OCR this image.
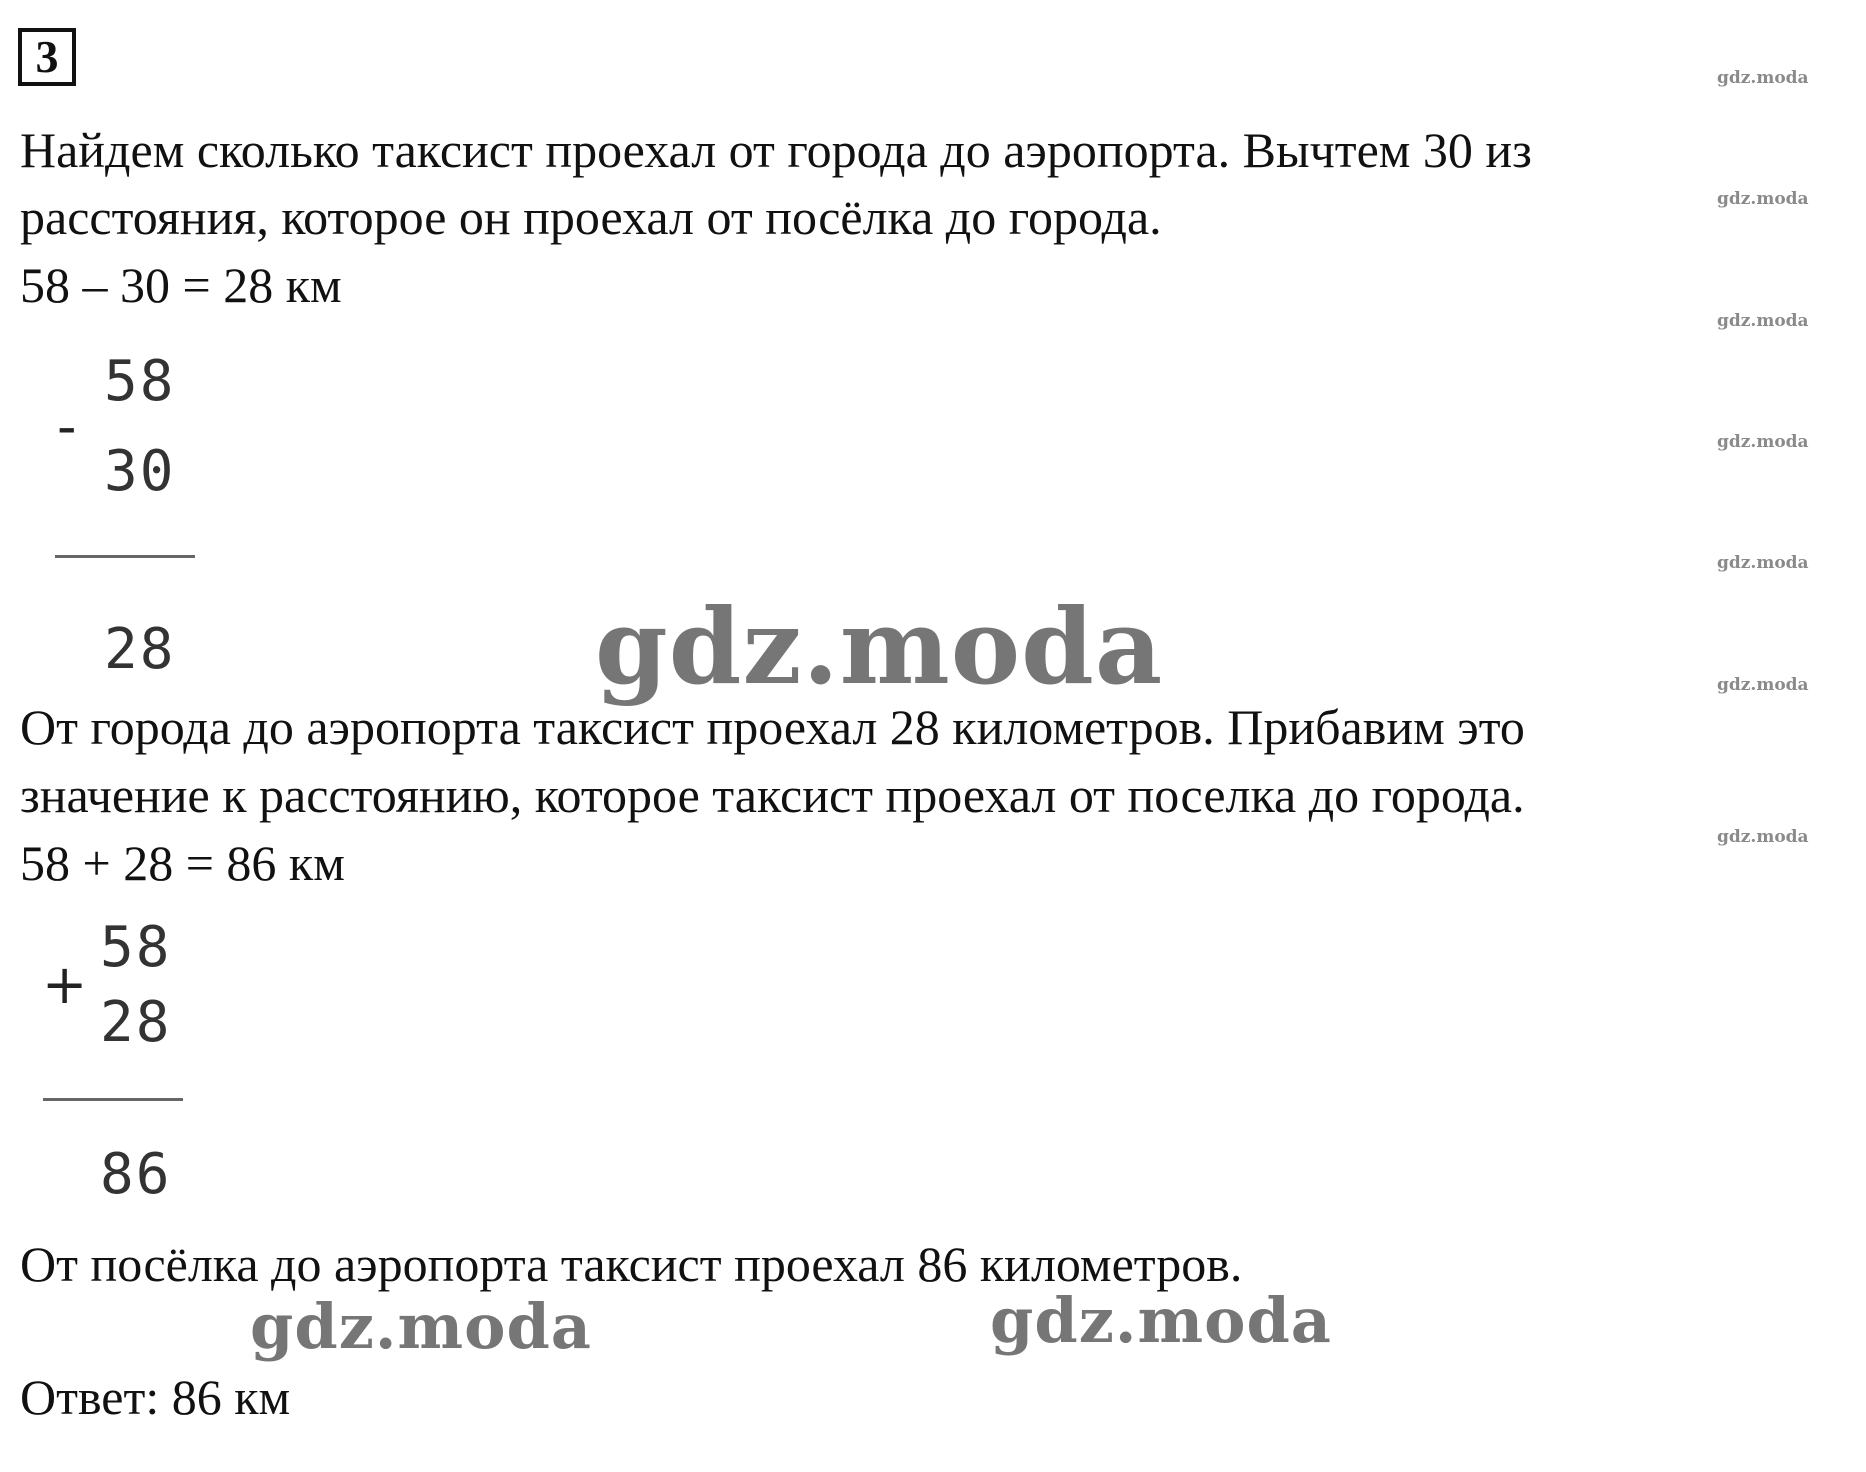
3	gdz.moda
gdz.moda
gdz.moda
gdz.moda
gdz.moda
gdz.moda
gdz.moda
Найдем сколько таксист проехал от города до аэропорта. Вычтем 30 из
расстояния, которое он проехал от посёлка до города.
58 – 30 = 28 км
-
58
30
28	gdz.moda
От города до аэропорта таксист проехал 28 километров. Прибавим это
значение к расстоянию, которое таксист проехал от поселка до города.
58 + 28 = 86 км
+
58
28
86
От посёлка до аэропорта таксист проехал 86 километров.
gdz.moda	gdz.moda
Ответ: 86 км
